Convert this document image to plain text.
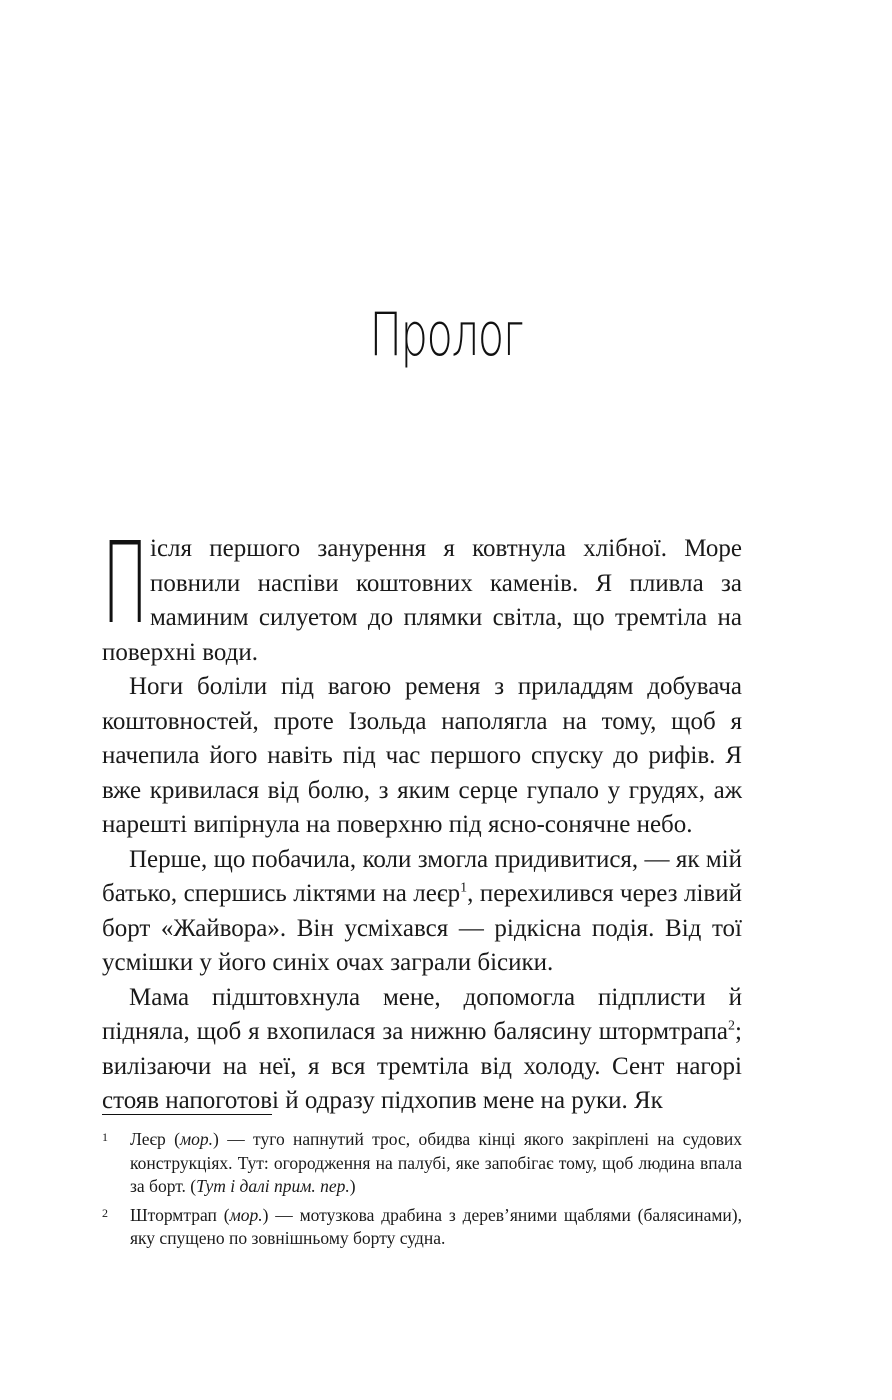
Пролог

Після першого занурення я ковтнула хлібної. Море повнили наспіви коштовних каменів. Я пливла за маминим силуетом до плямки світла, що тремтіла на поверхні води.

Ноги боліли під вагою ременя з приладдям добувача коштовностей, проте Ізольда наполягла на тому, щоб я начепила його навіть під час першого спуску до рифів. Я вже кривилася від болю, з яким серце гупало у грудях, аж нарешті випірнула на поверхню під ясно-сонячне небо.

Перше, що побачила, коли змогла придивитися, — як мій батько, спершись ліктями на леєр$^1$, перехилився через лівий борт «Жайвора». Він усміхався — рідкісна подія. Від тої усмішки у його синіх очах заграли бісики.

Мама підштовхнула мене, допомогла підплисти й підняла, щоб я вхопилася за нижню балясину штормтрапа$^2$; вилізаючи на неї, я вся тремтіла від холоду. Сент нагорі стояв напоготові й одразу підхопив мене на руки. Як

1 Леєр (мор.) — туго напнутий трос, обидва кінці якого закріплені на судових конструкціях. Тут: огородження на палубі, яке запобігає тому, щоб людина впала за борт. (Тут і далі прим. пер.)
2 Штормтрап (мор.) — мотузкова драбина з дерев’яними щаблями (балясинами), яку спущено по зовнішньому борту судна.
